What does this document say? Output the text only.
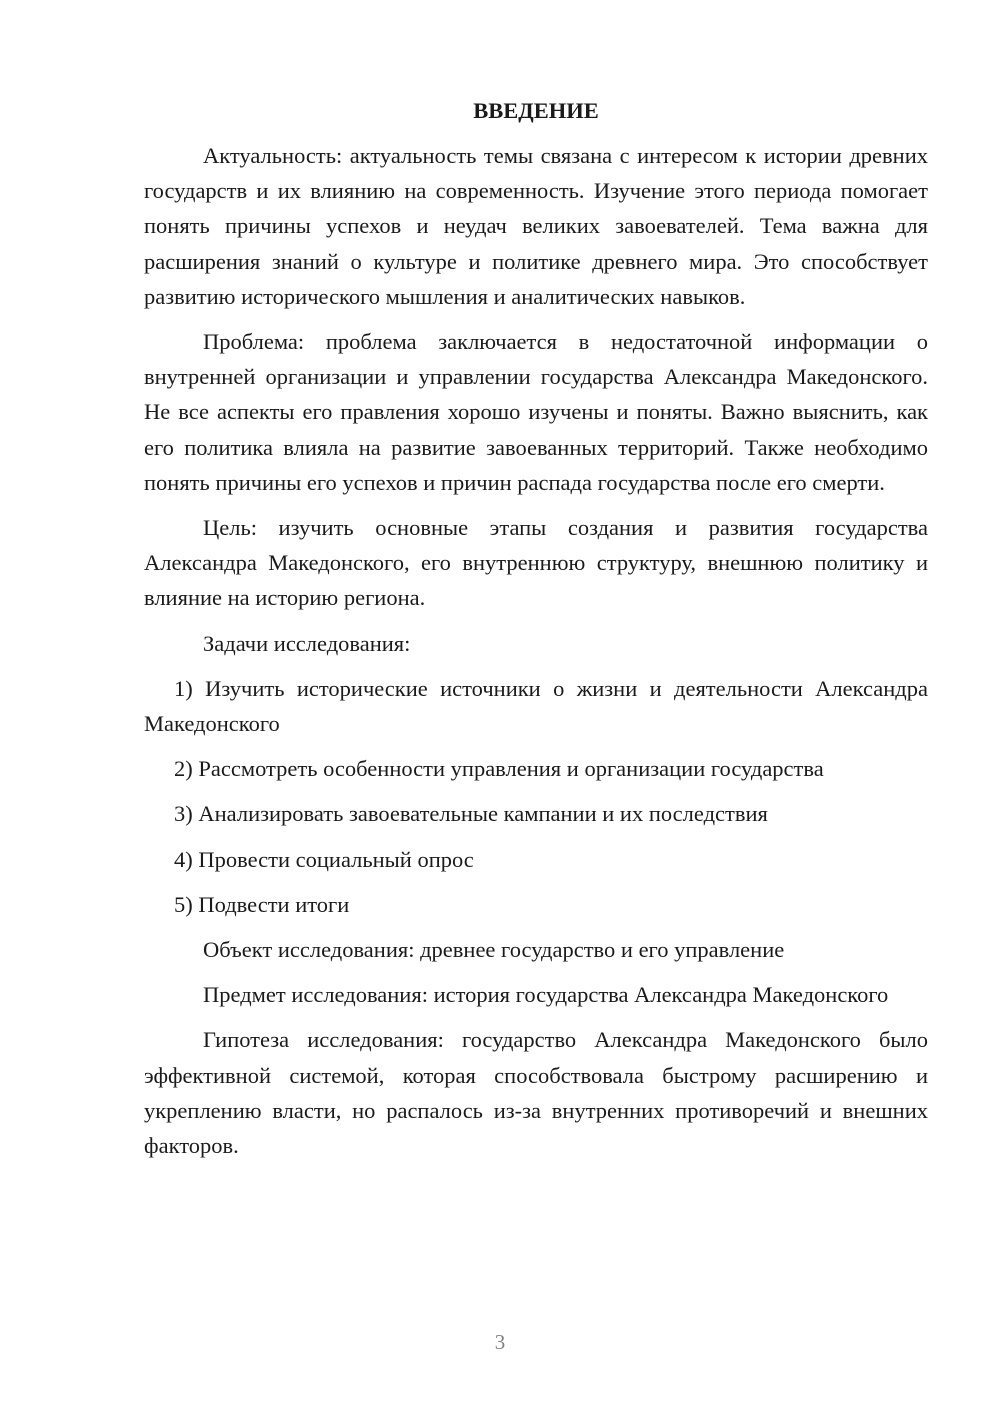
ВВЕДЕНИЕ

Актуальность: актуальность темы связана с интересом к истории древних государств и их влиянию на современность. Изучение этого периода помогает понять причины успехов и неудач великих завоевателей. Тема важна для расширения знаний о культуре и политике древнего мира. Это способствует развитию исторического мышления и аналитических навыков.

Проблема: проблема заключается в недостаточной информации о внутренней организации и управлении государства Александра Македонского. Не все аспекты его правления хорошо изучены и поняты. Важно выяснить, как его политика влияла на развитие завоеванных территорий. Также необходимо понять причины его успехов и причин распада государства после его смерти.

Цель: изучить основные этапы создания и развития государства Александра Македонского, его внутреннюю структуру, внешнюю политику и влияние на историю региона.

Задачи исследования:

1) Изучить исторические источники о жизни и деятельности Александра Македонского

2) Рассмотреть особенности управления и организации государства

3) Анализировать завоевательные кампании и их последствия

4) Провести социальный опрос

5) Подвести итоги

Объект исследования: древнее государство и его управление

Предмет исследования: история государства Александра Македонского

Гипотеза исследования: государство Александра Македонского было эффективной системой, которая способствовала быстрому расширению и укреплению власти, но распалось из-за внутренних противоречий и внешних факторов.

3
